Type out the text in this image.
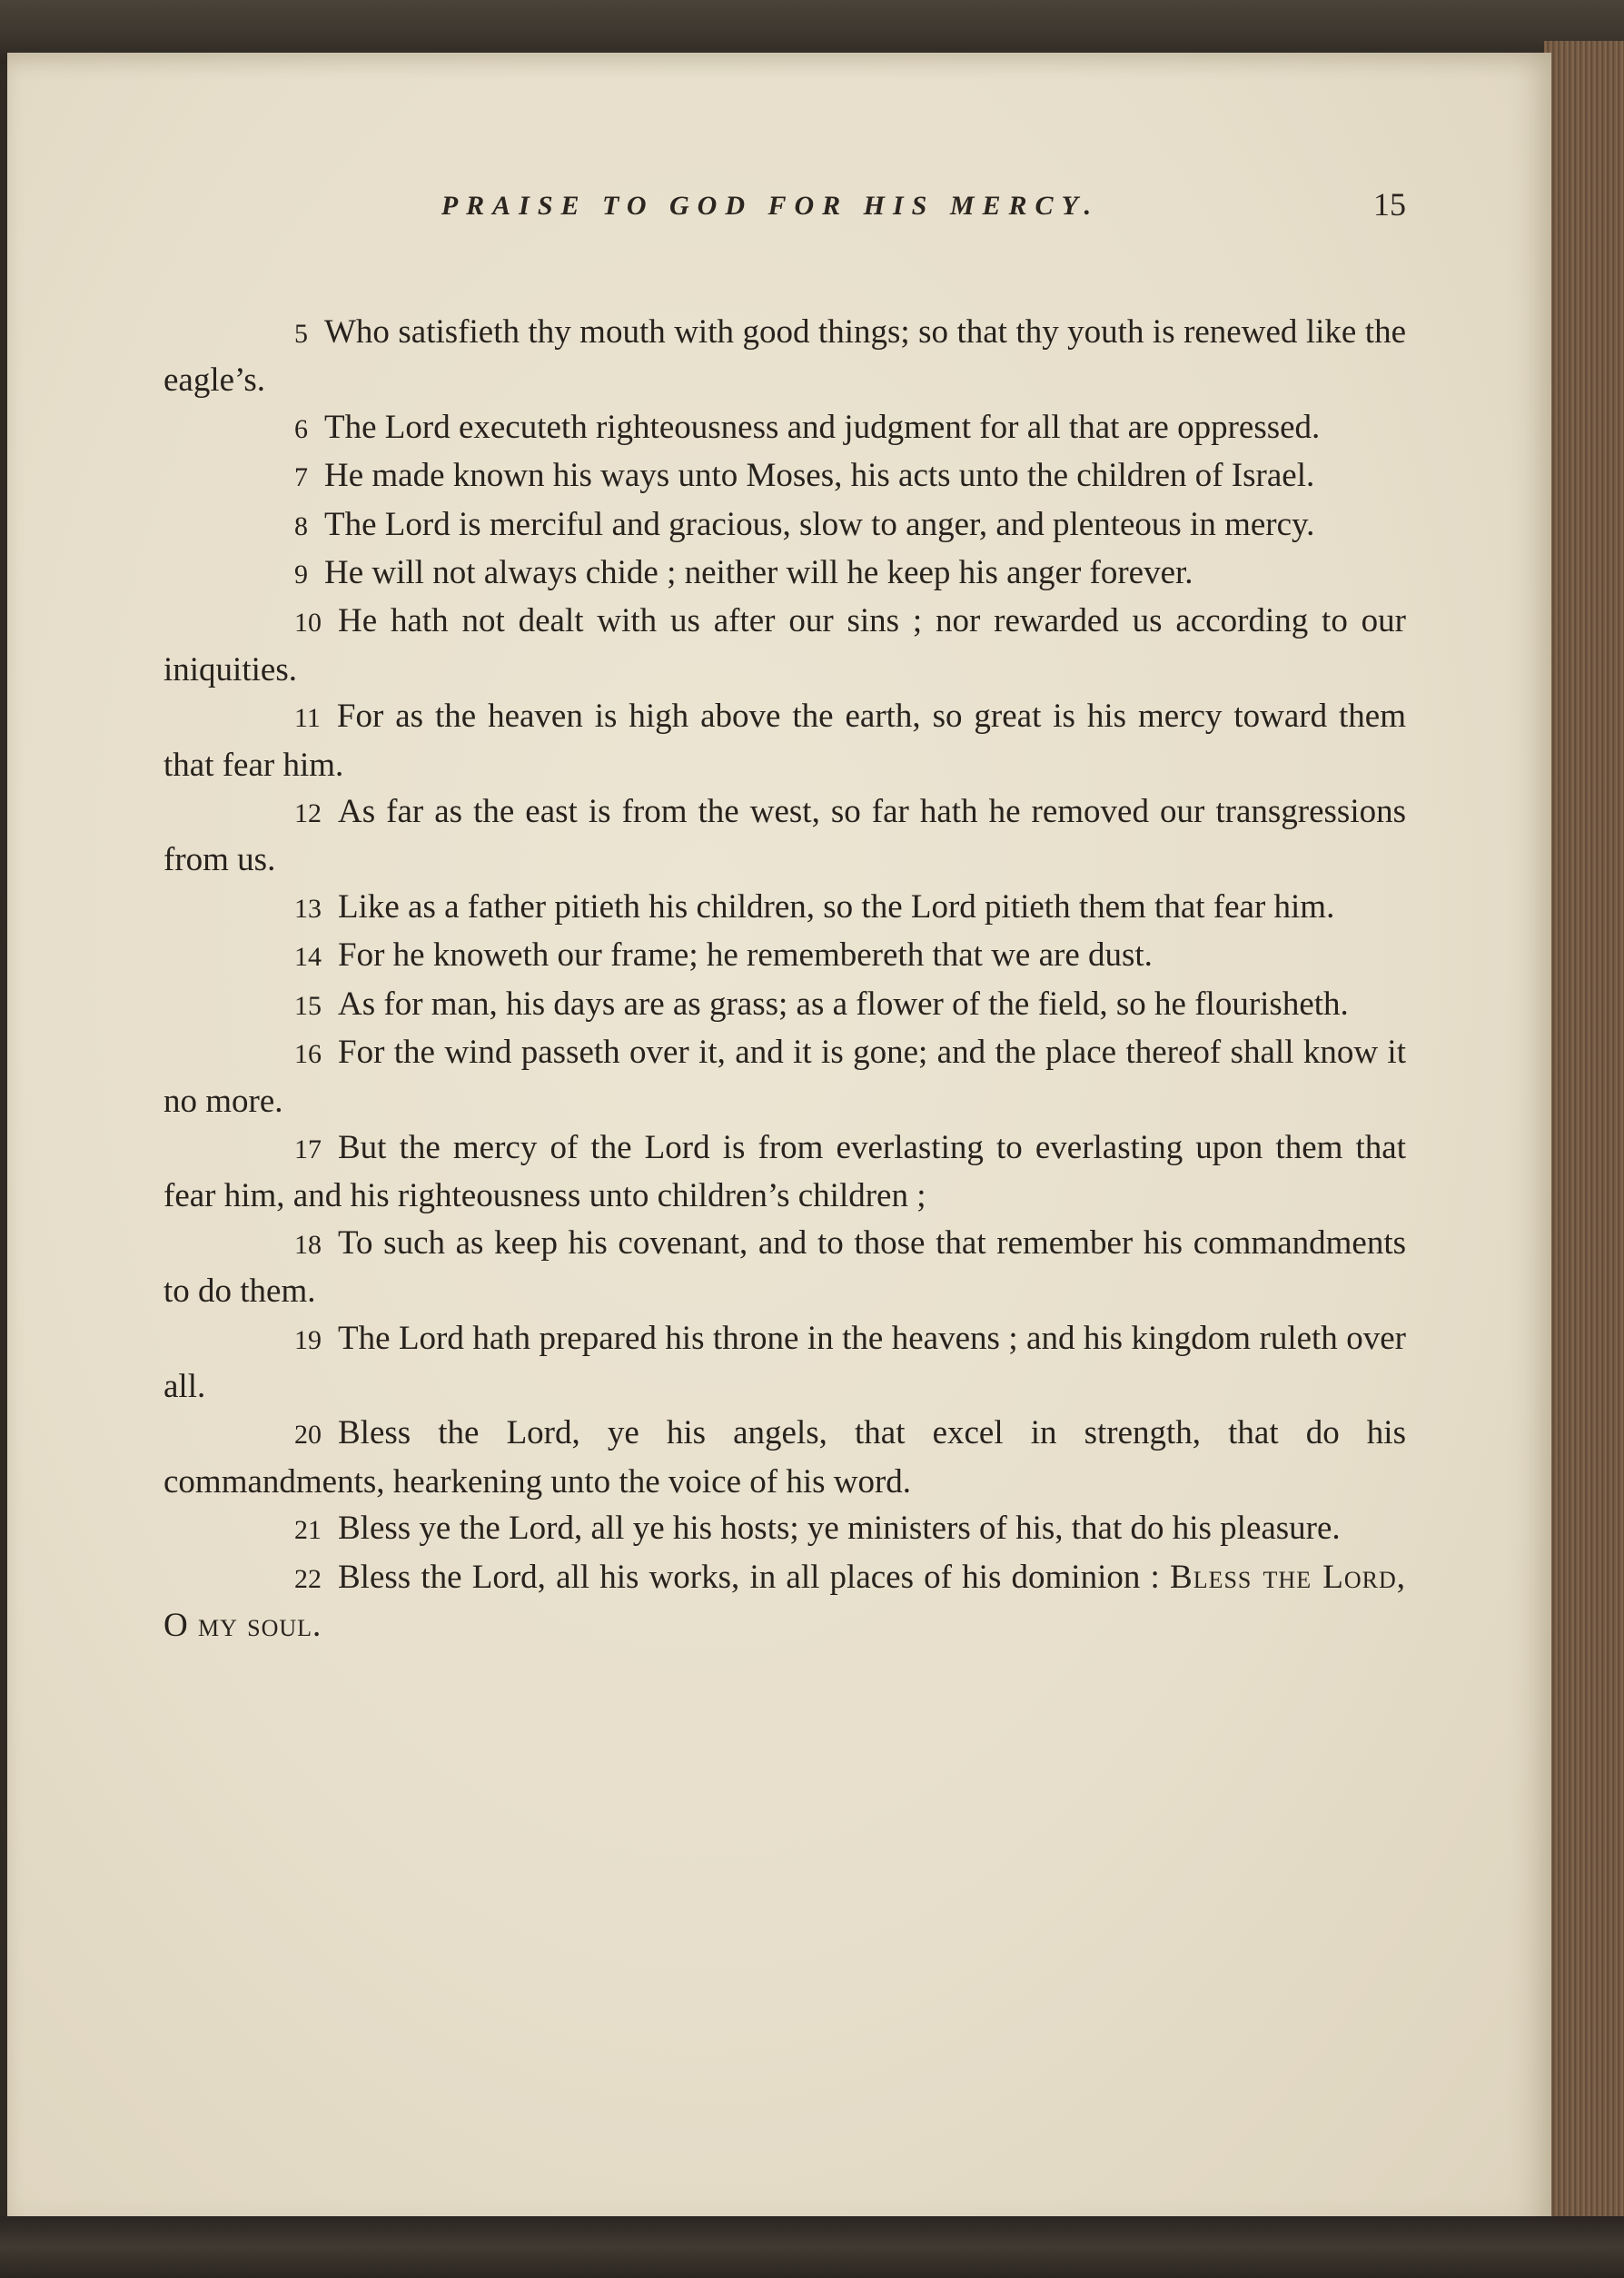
PRAISE TO GOD FOR HIS MERCY.	15

5 Who satisfieth thy mouth with good things; so that thy youth is renewed like the eagle’s.

6 The Lord executeth righteousness and judgment for all that are oppressed.

7 He made known his ways unto Moses, his acts unto the children of Israel.

8 The Lord is merciful and gracious, slow to anger, and plenteous in mercy.

9 He will not always chide ; neither will he keep his anger forever.

10 He hath not dealt with us after our sins ; nor rewarded us according to our iniquities.

11 For as the heaven is high above the earth, so great is his mercy toward them that fear him.

12 As far as the east is from the west, so far hath he removed our transgressions from us.

13 Like as a father pitieth his children, so the Lord pitieth them that fear him.

14 For he knoweth our frame; he remembereth that we are dust.

15 As for man, his days are as grass; as a flower of the field, so he flourisheth.

16 For the wind passeth over it, and it is gone; and the place thereof shall know it no more.

17 But the mercy of the Lord is from everlasting to everlasting upon them that fear him, and his righteousness unto children’s children ;

18 To such as keep his covenant, and to those that remember his commandments to do them.

19 The Lord hath prepared his throne in the heavens ; and his kingdom ruleth over all.

20 Bless the Lord, ye his angels, that excel in strength, that do his commandments, hearkening unto the voice of his word.

21 Bless ye the Lord, all ye his hosts; ye ministers of his, that do his pleasure.

22 Bless the Lord, all his works, in all places of his dominion : Bless the Lord, O my soul.
